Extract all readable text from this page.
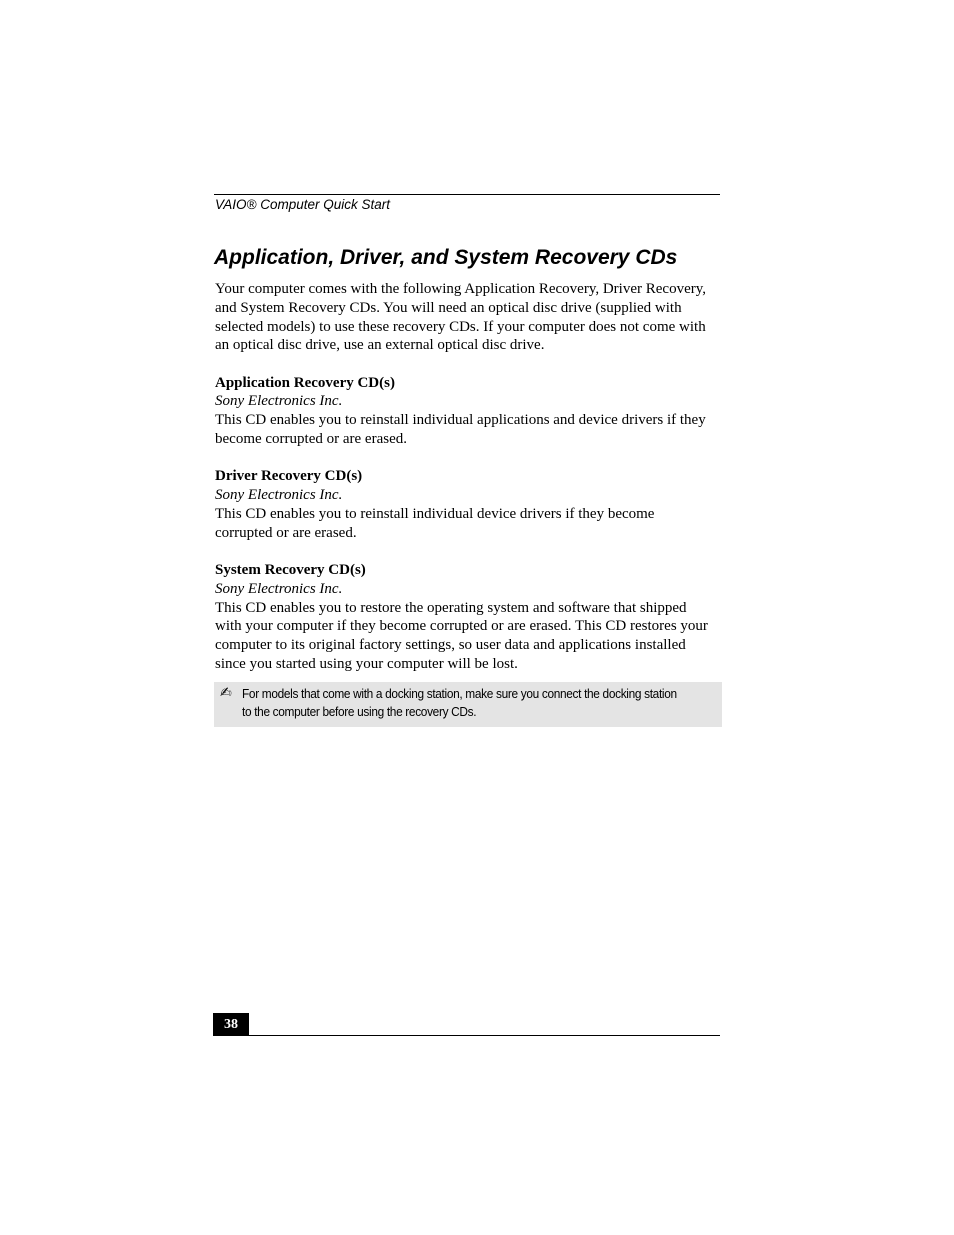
VAIO® Computer Quick Start
Application, Driver, and System Recovery CDs

Your computer comes with the following Application Recovery, Driver Recovery, and System Recovery CDs. You will need an optical disc drive (supplied with selected models) to use these recovery CDs. If your computer does not come with an optical disc drive, use an external optical disc drive.

Application Recovery CD(s)

Sony Electronics Inc.

This CD enables you to reinstall individual applications and device drivers if they become corrupted or are erased.

Driver Recovery CD(s)

Sony Electronics Inc.

This CD enables you to reinstall individual device drivers if they become corrupted or are erased.

System Recovery CD(s)

Sony Electronics Inc.

This CD enables you to restore the operating system and software that shipped with your computer if they become corrupted or are erased. This CD restores your computer to its original factory settings, so user data and applications installed since you started using your computer will be lost.

✍ For models that come with a docking station, make sure you connect the docking station to the computer before using the recovery CDs.
38
